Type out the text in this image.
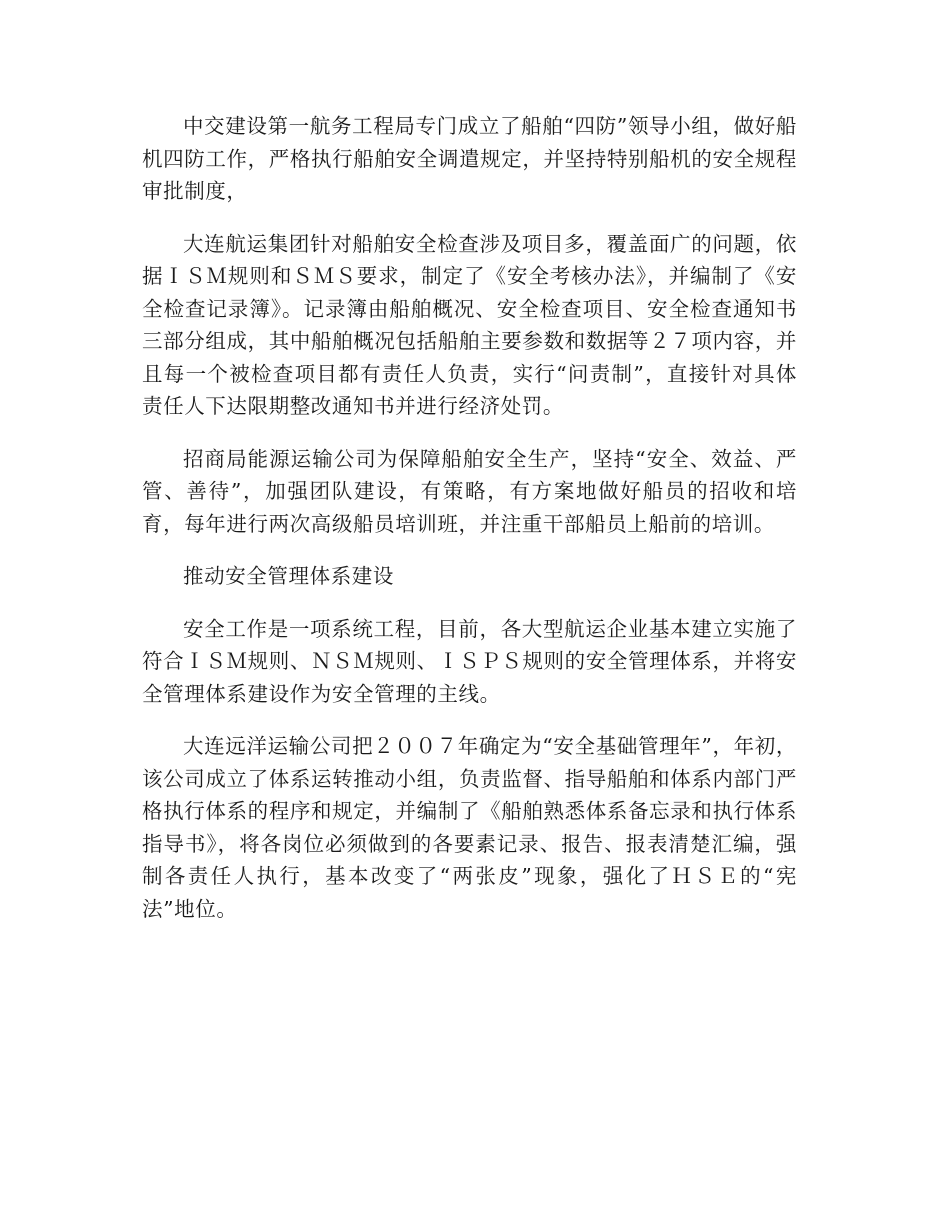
中交建设第一航务工程局专门成立了船舶“四防”领导小组，做好船机四防工作，严格执行船舶安全调遣规定，并坚持特别船机的安全规程审批制度，

大连航运集团针对船舶安全检查涉及项目多，覆盖面广的问题，依据ＩＳＭ规则和ＳＭＳ要求，制定了《安全考核办法》，并编制了《安全检查记录簿》。记录簿由船舶概况、安全检查项目、安全检查通知书三部分组成，其中船舶概况包括船舶主要参数和数据等２７项内容，并且每一个被检查项目都有责任人负责，实行“问责制”，直接针对具体责任人下达限期整改通知书并进行经济处罚。

招商局能源运输公司为保障船舶安全生产，坚持“安全、效益、严管、善待”，加强团队建设，有策略，有方案地做好船员的招收和培育，每年进行两次高级船员培训班，并注重干部船员上船前的培训。

推动安全管理体系建设

安全工作是一项系统工程，目前，各大型航运企业基本建立实施了符合ＩＳＭ规则、ＮＳＭ规则、ＩＳＰＳ规则的安全管理体系，并将安全管理体系建设作为安全管理的主线。

大连远洋运输公司把２００７年确定为“安全基础管理年”，年初，该公司成立了体系运转推动小组，负责监督、指导船舶和体系内部门严格执行体系的程序和规定，并编制了《船舶熟悉体系备忘录和执行体系指导书》，将各岗位必须做到的各要素记录、报告、报表清楚汇编，强制各责任人执行，基本改变了“两张皮”现象，强化了ＨＳＥ的“宪法”地位。
